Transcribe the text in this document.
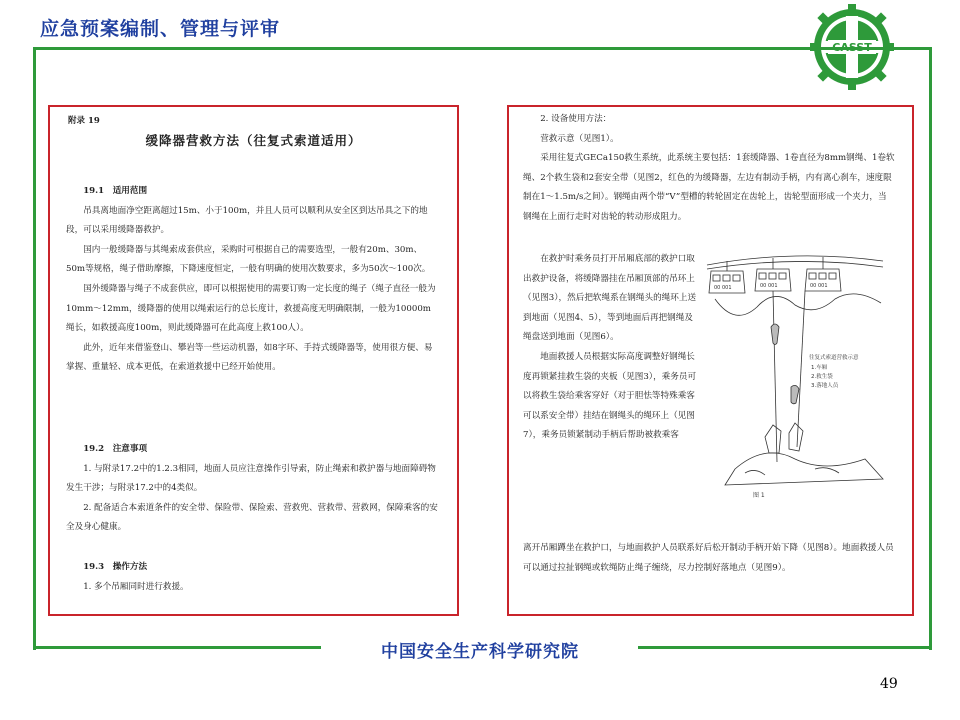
应急预案编制、管理与评审
CASST
附录 19
缓降器营救方法（往复式索道适用）

19.1　适用范围

吊具离地面净空距离超过15m、小于100m，并且人员可以顺利从安全区到达吊具之下的地段，可以采用缓降器救护。

国内一般缓降器与其绳索成套供应，采购时可根据自己的需要选型，一般有20m、30m、50m等规格，绳子借助摩擦，下降速度恒定，一般有明确的使用次数要求，多为50次～100次。

国外缓降器与绳子不成套供应，即可以根据使用的需要订购一定长度的绳子（绳子直径一般为10mm～12mm，缓降器的使用以绳索运行的总长度计，救援高度无明确限制，一般为10000m绳长，如救援高度100m，则此缓降器可在此高度上救100人）。

此外，近年来借鉴登山、攀岩等一些运动机器，如8字环、手持式缓降器等，使用很方便、易掌握、重量轻、成本更低，在索道救援中已经开始使用。

19.2　注意事项

1. 与附录17.2中的1.2.3相同，地面人员应注意操作引导索，防止绳索和救护器与地面障碍物发生干涉；与附录17.2中的4类似。

2. 配备适合本索道条件的安全带、保险带、保险索、营救兜、营救带、营救网，保障乘客的安全及身心健康。

19.3　操作方法

1. 多个吊厢同时进行救援。

2. 设备使用方法：

营救示意（见图1）。

采用往复式GECa150救生系统，此系统主要包括：1套缓降器、1卷直径为8mm钢绳、1卷软绳、2个救生袋和2套安全带（见图2，红色的为缓降器，左边有制动手柄，内有离心刹车，速度限制在1～1.5m/s之间）。钢绳由两个带“V”型槽的转轮固定在齿轮上，齿轮型面形成一个夹力，当钢绳在上面行走时对齿轮的转动形成阻力。

在救护时乘务员打开吊厢底部的救护口取出救护设备，将缓降器挂在吊厢顶部的吊环上（见图3），然后把软绳系在钢绳头的绳环上送到地面（见图4、5），等到地面后再把钢绳及绳盘送到地面（见图6）。

地面救援人员根据实际高度调整好钢绳长度再锁紧挂救生袋的夹板（见图3），乘务员可以将救生袋给乘客穿好（对于胆怯等特殊乘客可以系安全带）挂结在钢绳头的绳环上（见图7），乘务员锁紧制动手柄后帮助被救乘客

00 001	00 001	00 001
往复式索道营救示意
1.车厢
2.救生袋
3.落地人员
图 1

离开吊厢蹲坐在救护口，与地面救护人员联系好后松开制动手柄开始下降（见图8）。地面救援人员可以通过拉扯钢绳或软绳防止绳子缠绕，尽力控制好落地点（见图9）。

中国安全生产科学研究院
49
